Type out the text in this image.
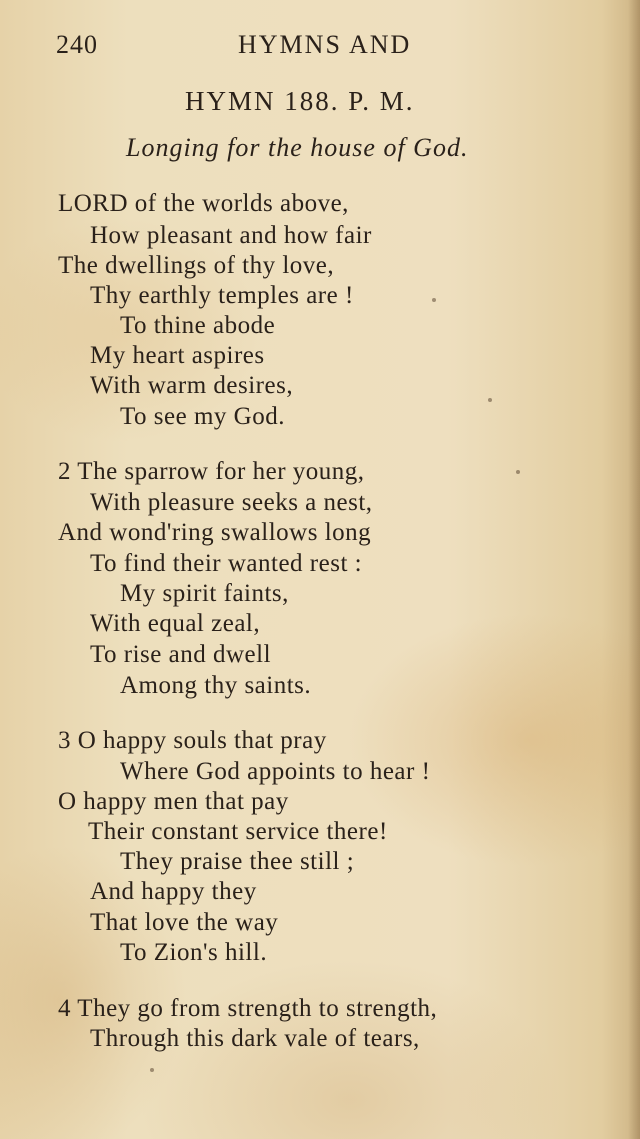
240	HYMNS AND
HYMN 188. P. M.
Longing for the house of God.
LORD of the worlds above,
How pleasant and how fair
The dwellings of thy love,
Thy earthly temples are !
To thine abode
My heart aspires
With warm desires,
To see my God.
2 The sparrow for her young,
With pleasure seeks a nest,
And wond'ring swallows long
To find their wanted rest :
My spirit faints,
With equal zeal,
To rise and dwell
Among thy saints.
3 O happy souls that pray
Where God appoints to hear !
O happy men that pay
Their constant service there!
They praise thee still ;
And happy they
That love the way
To Zion's hill.
4 They go from strength to strength,
Through this dark vale of tears,
